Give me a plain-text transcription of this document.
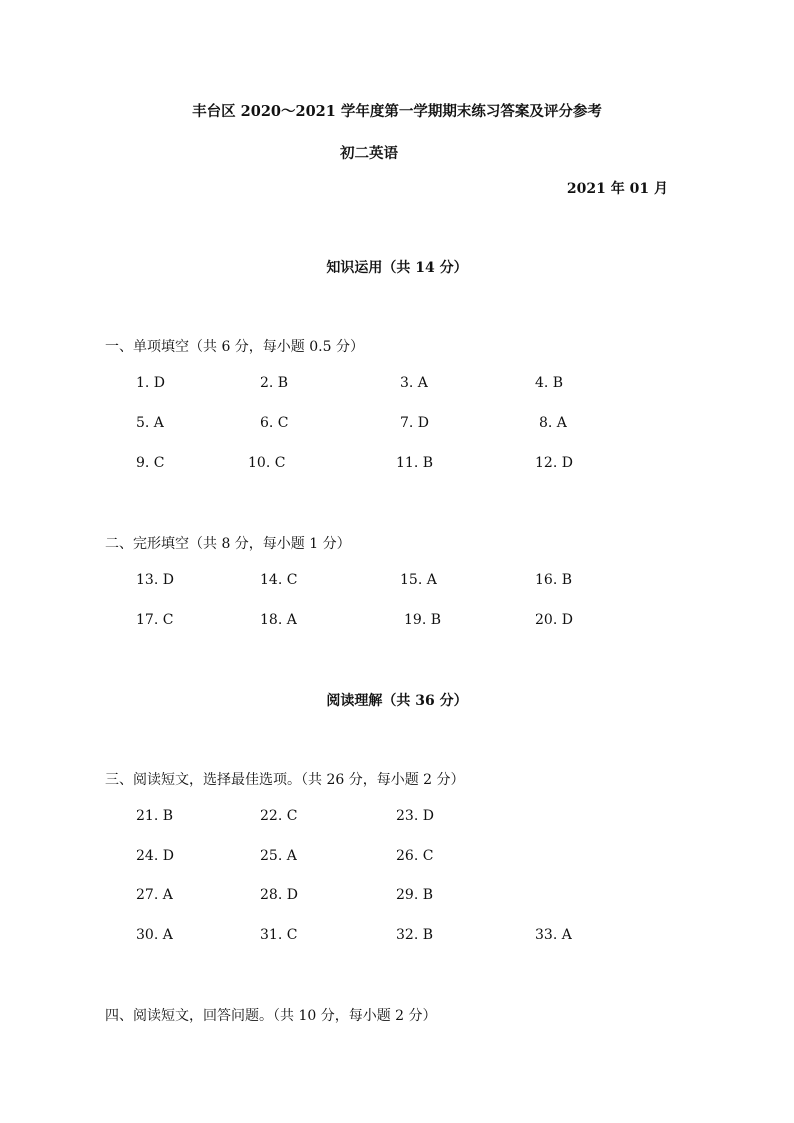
丰台区 2020～2021 学年度第一学期期末练习答案及评分参考
初二英语
2021 年 01 月
知识运用（共 14 分）
一、单项填空（共 6 分，每小题 0.5 分）
1. D	2. B	3. A	4. B
5. A	6. C	7. D	8. A
9. C	10. C	11. B	12. D
二、完形填空（共 8 分，每小题 1 分）
13. D	14. C	15. A	16. B
17. C	18. A	19. B	20. D
阅读理解（共 36 分）
三、阅读短文，选择最佳选项。（共 26 分，每小题 2 分）
21. B	22. C	23. D
24. D	25. A	26. C
27. A	28. D	29. B
30. A	31. C	32. B	33. A
四、阅读短文，回答问题。（共 10 分，每小题 2 分）
